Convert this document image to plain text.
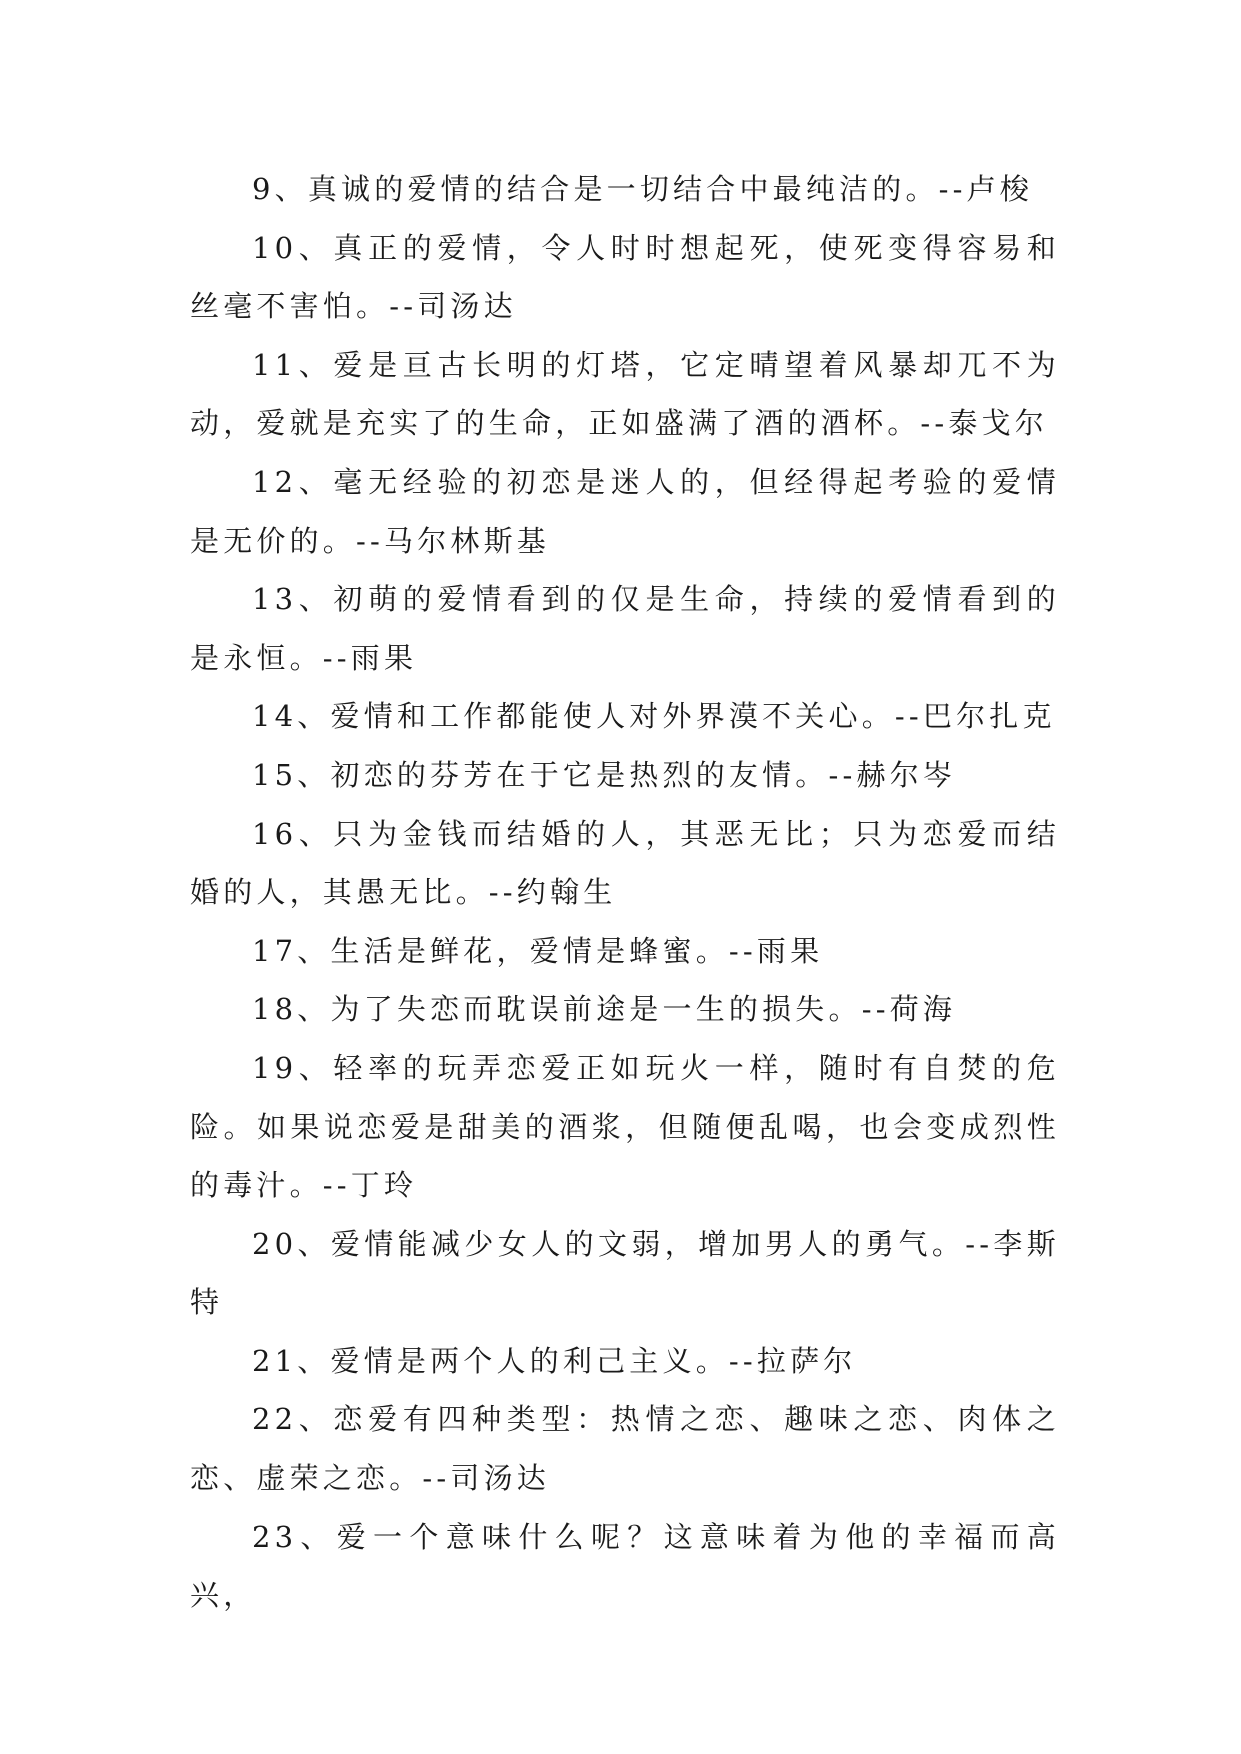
9、真诚的爱情的结合是一切结合中最纯洁的。--卢梭

10、真正的爱情，令人时时想起死，使死变得容易和丝毫不害怕。--司汤达

11、爱是亘古长明的灯塔，它定晴望着风暴却兀不为动，爱就是充实了的生命，正如盛满了酒的酒杯。--泰戈尔

12、毫无经验的初恋是迷人的，但经得起考验的爱情是无价的。--马尔林斯基

13、初萌的爱情看到的仅是生命，持续的爱情看到的是永恒。--雨果

14、爱情和工作都能使人对外界漠不关心。--巴尔扎克

15、初恋的芬芳在于它是热烈的友情。--赫尔岑

16、只为金钱而结婚的人，其恶无比；只为恋爱而结婚的人，其愚无比。--约翰生

17、生活是鲜花，爱情是蜂蜜。--雨果

18、为了失恋而耽误前途是一生的损失。--荷海

19、轻率的玩弄恋爱正如玩火一样，随时有自焚的危险。如果说恋爱是甜美的酒浆，但随便乱喝，也会变成烈性的毒汁。--丁玲

20、爱情能减少女人的文弱，增加男人的勇气。--李斯特

21、爱情是两个人的利己主义。--拉萨尔

22、恋爱有四种类型：热情之恋、趣味之恋、肉体之恋、虚荣之恋。--司汤达

23、爱一个意味什么呢？这意味着为他的幸福而高兴，
